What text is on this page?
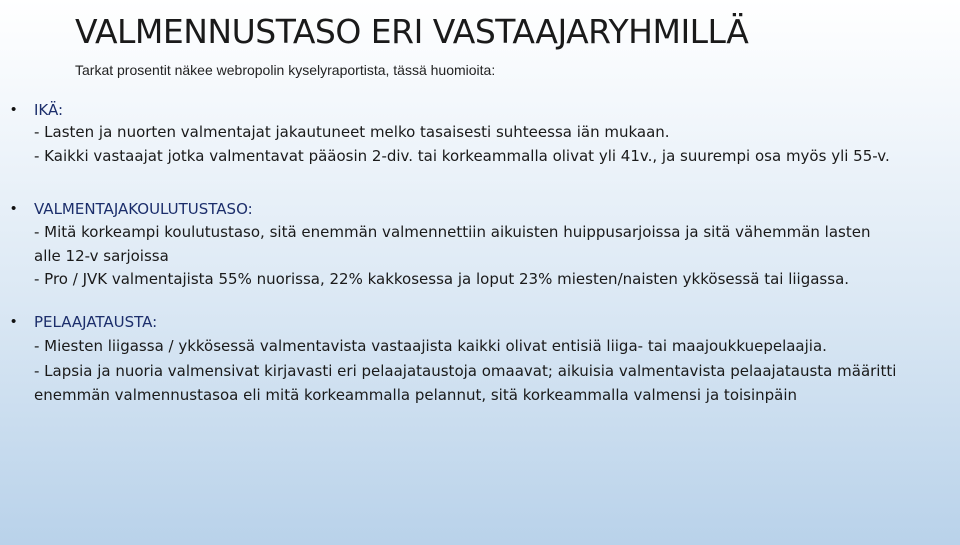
VALMENNUSTASO ERI VASTAAJARYHMILLÄ
Tarkat prosentit näkee webropolin kyselyraportista, tässä huomioita:
• IKÄ:
- Lasten ja nuorten valmentajat jakautuneet melko tasaisesti suhteessa iän mukaan.
- Kaikki vastaajat jotka valmentavat pääosin 2-div. tai korkeammalla olivat yli 41v., ja suurempi osa myös yli 55-v.
• VALMENTAJAKOULUTUSTASO:
- Mitä korkeampi koulutustaso, sitä enemmän valmennettiin aikuisten huippusarjoissa ja sitä vähemmän lasten
alle 12-v sarjoissa
- Pro / JVK valmentajista 55% nuorissa, 22% kakkosessa ja loput 23% miesten/naisten ykkösessä tai liigassa.
• PELAAJATAUSTA:
- Miesten liigassa / ykkösessä valmentavista vastaajista kaikki olivat entisiä liiga- tai maajoukkuepelaajia.
- Lapsia ja nuoria valmensivat kirjavasti eri pelaajataustoja omaavat; aikuisia valmentavista pelaajatausta määritti
enemmän valmennustasoa eli mitä korkeammalla pelannut, sitä korkeammalla valmensi ja toisinpäin
